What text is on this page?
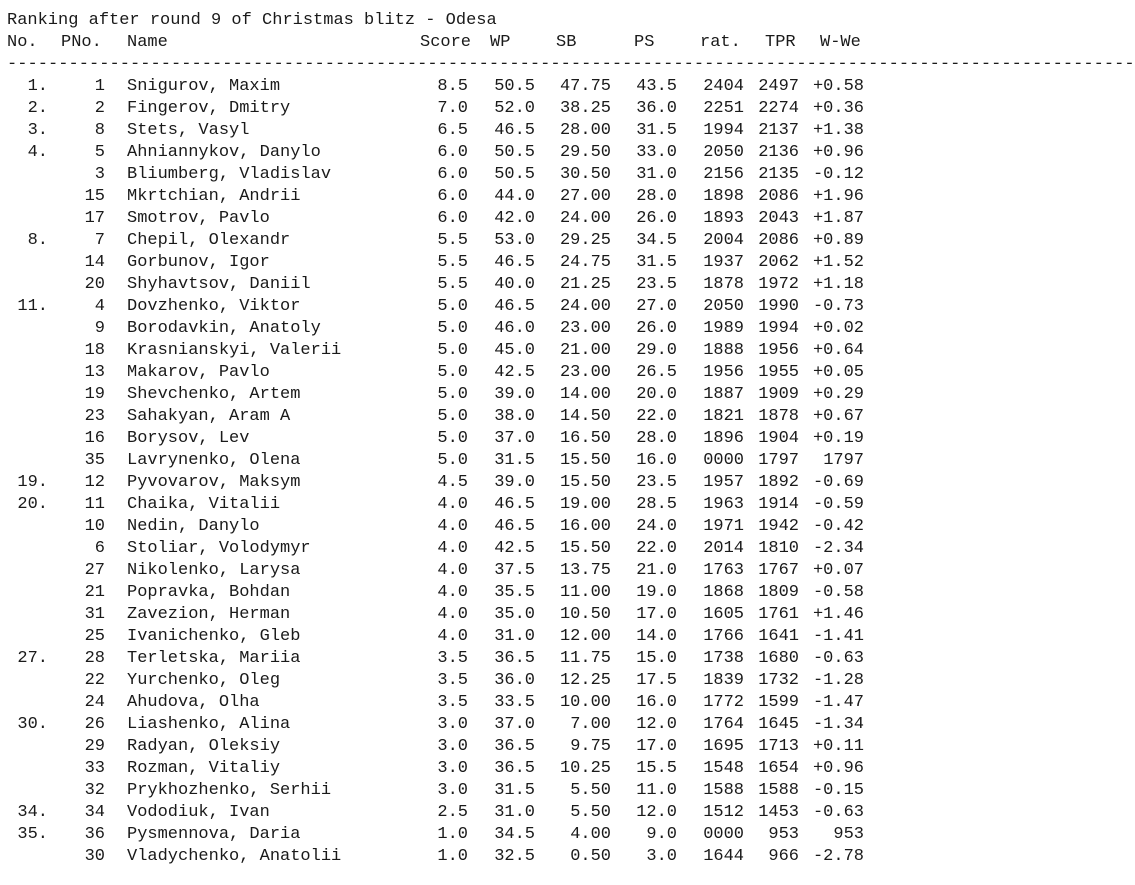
Ranking after round 9 of Christmas blitz - Odesa
No.	PNo. Name	Score WP	SB	PS	rat.	TPR	W-We
--------------------------------------------------------------------------------------------------------------
1.	1 Snigurov, Maxim	8.5	50.5	47.75	43.5	2404 2497 +0.58
2.	2 Fingerov, Dmitry	7.0	52.0	38.25	36.0	2251 2274 +0.36
3.	8 Stets, Vasyl	6.5	46.5	28.00	31.5	1994 2137 +1.38
4.	5 Ahniannykov, Danylo	6.0	50.5	29.50	33.0	2050 2136 +0.96
3 Bliumberg, Vladislav	6.0	50.5	30.50	31.0	2156 2135 -0.12
15 Mkrtchian, Andrii	6.0	44.0	27.00	28.0	1898 2086 +1.96
17 Smotrov, Pavlo	6.0	42.0	24.00	26.0	1893 2043 +1.87
8.	7 Chepil, Olexandr	5.5	53.0	29.25	34.5	2004 2086 +0.89
14 Gorbunov, Igor	5.5	46.5	24.75	31.5	1937 2062 +1.52
20 Shyhavtsov, Daniil	5.5	40.0	21.25	23.5	1878 1972 +1.18
11.	4 Dovzhenko, Viktor	5.0	46.5	24.00	27.0	2050 1990 -0.73
9 Borodavkin, Anatoly	5.0	46.0	23.00	26.0	1989 1994 +0.02
18 Krasnianskyi, Valerii	5.0	45.0	21.00	29.0	1888 1956 +0.64
13 Makarov, Pavlo	5.0	42.5	23.00	26.5	1956 1955 +0.05
19 Shevchenko, Artem	5.0	39.0	14.00	20.0	1887 1909 +0.29
23 Sahakyan, Aram A	5.0	38.0	14.50	22.0	1821 1878 +0.67
16 Borysov, Lev	5.0	37.0	16.50	28.0	1896 1904 +0.19
35 Lavrynenko, Olena	5.0	31.5	15.50	16.0	0000 1797	1797
19.	12 Pyvovarov, Maksym	4.5	39.0	15.50	23.5	1957 1892 -0.69
20.	11 Chaika, Vitalii	4.0	46.5	19.00	28.5	1963 1914 -0.59
10 Nedin, Danylo	4.0	46.5	16.00	24.0	1971 1942 -0.42
6 Stoliar, Volodymyr	4.0	42.5	15.50	22.0	2014 1810 -2.34
27 Nikolenko, Larysa	4.0	37.5	13.75	21.0	1763 1767 +0.07
21 Popravka, Bohdan	4.0	35.5	11.00	19.0	1868 1809 -0.58
31 Zavezion, Herman	4.0	35.0	10.50	17.0	1605 1761 +1.46
25 Ivanichenko, Gleb	4.0	31.0	12.00	14.0	1766 1641 -1.41
27.	28 Terletska, Mariia	3.5	36.5	11.75	15.0	1738 1680 -0.63
22 Yurchenko, Oleg	3.5	36.0	12.25	17.5	1839 1732 -1.28
24 Ahudova, Olha	3.5	33.5	10.00	16.0	1772 1599 -1.47
30.	26 Liashenko, Alina	3.0	37.0	7.00	12.0	1764 1645 -1.34
29 Radyan, Oleksiy	3.0	36.5	9.75	17.0	1695 1713 +0.11
33 Rozman, Vitaliy	3.0	36.5	10.25	15.5	1548 1654 +0.96
32 Prykhozhenko, Serhii	3.0	31.5	5.50	11.0	1588 1588 -0.15
34.	34 Vododiuk, Ivan	2.5	31.0	5.50	12.0	1512 1453 -0.63
35.	36 Pysmennova, Daria	1.0	34.5	4.00	9.0	0000	953	953
30 Vladychenko, Anatolii	1.0	32.5	0.50	3.0	1644	966 -2.78
